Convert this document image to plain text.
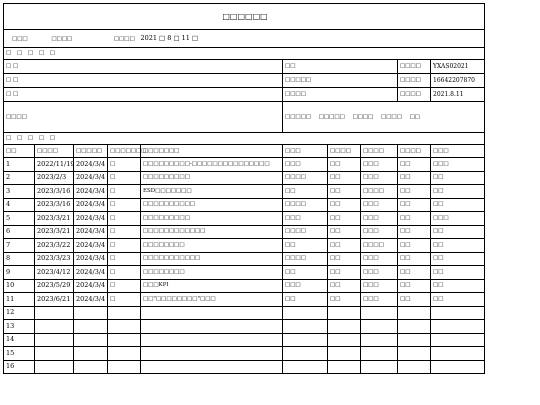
□□□□□□									
□□□ □□□□ □□□□ 2021 □ 8 □ 11 □									
□ □ □ □ □									
□ □					□□			□□□□	YXAS02021
□ □					□□□□□			□□□□	16642207870
□ □					□□□□			□□□□	2021.8.11
□□□□					□□□□□ □□□□□ □□□□ □□□□ □□				
□ □ □ □ □									
□□	□□□□	□□□□□	□□□□□□□	□□□□□□□	□□□	□□□□	□□□□	□□□□	□□□
1	2022/11/19	2024/3/4	□	□□□□□□□□□-□□□□□□□□□□□□□□□	□□□	□□	□□□	□□	□□□
2	2023/2/3	2024/3/4	□	□□□□□□□□□	□□□□	□□	□□□	□□	□□
3	2023/3/16	2024/3/4	□	ESD□□□□□□□	□□	□□	□□□□	□□	□□
4	2023/3/16	2024/3/4	□	□□□□□□□□□□	□□□□	□□	□□□	□□	□□
5	2023/3/21	2024/3/4	□	□□□□□□□□□	□□□	□□	□□□	□□	□□□
6	2023/3/21	2024/3/4	□	□□□□□□□□□□□□	□□□□	□□	□□□	□□	□□
7	2023/3/22	2024/3/4	□	□□□□□□□□	□□	□□	□□□□	□□	□□
8	2023/3/23	2024/3/4	□	□□□□□□□□□□□	□□□□	□□	□□□	□□	□□
9	2023/4/12	2024/3/4	□	□□□□□□□□	□□	□□	□□□	□□	□□
10	2023/5/29	2024/3/4	□	□□□KPI	□□□	□□	□□□	□□	□□
11	2023/6/21	2024/3/4	□	□□"□□□□□□□□"□□□	□□	□□	□□□	□□	□□
12									
13									
14									
15									
16									
